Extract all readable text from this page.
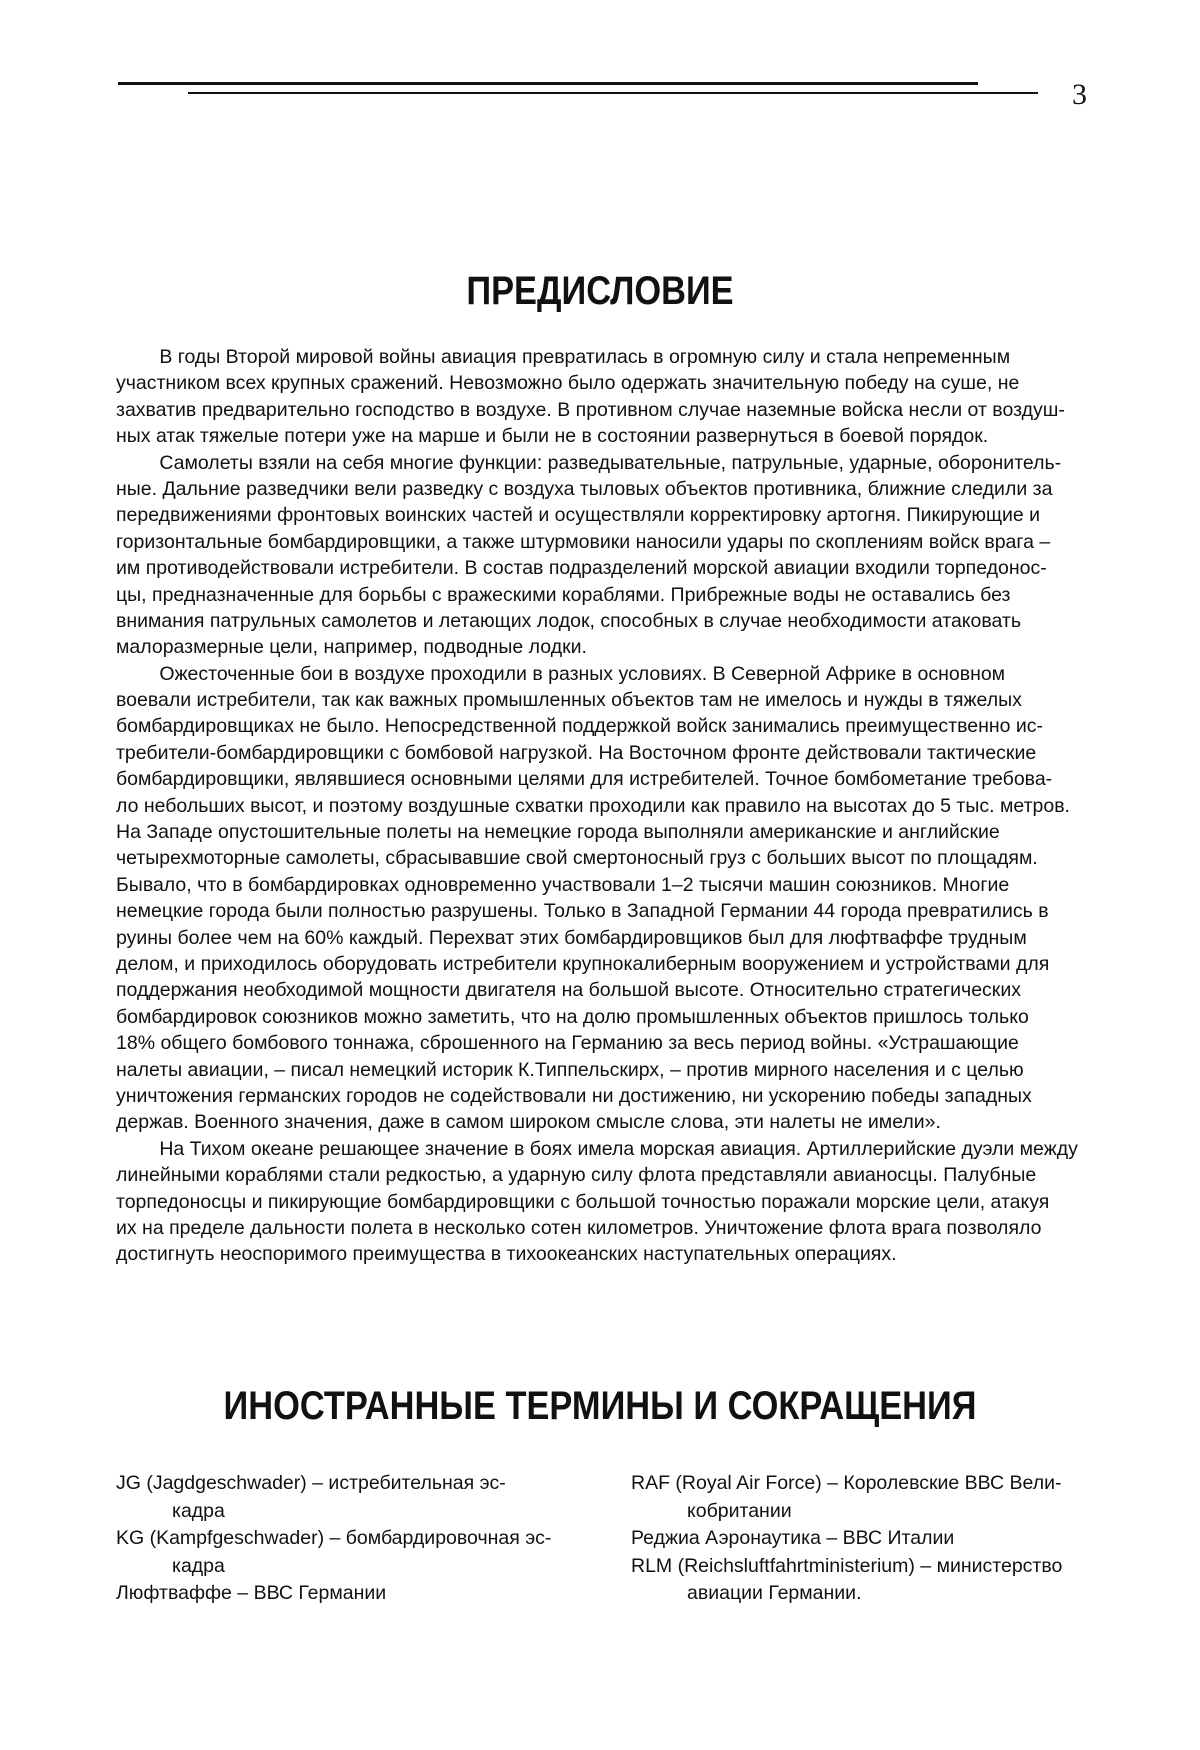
3
ПРЕДИСЛОВИЕ
В годы Второй мировой войны авиация превратилась в огромную силу и стала непременным
участником всех крупных сражений. Невозможно было одержать значительную победу на суше, не
захватив предварительно господство в воздухе. В противном случае наземные войска несли от воздуш-
ных атак тяжелые потери уже на марше и были не в состоянии развернуться в боевой порядок.
Самолеты взяли на себя многие функции: разведывательные, патрульные, ударные, оборонитель-
ные. Дальние разведчики вели разведку с воздуха тыловых объектов противника, ближние следили за
передвижениями фронтовых воинских частей и осуществляли корректировку артогня. Пикирующие и
горизонтальные бомбардировщики, а также штурмовики наносили удары по скоплениям войск врага –
им противодействовали истребители. В состав подразделений морской авиации входили торпедонос-
цы, предназначенные для борьбы с вражескими кораблями. Прибрежные воды не оставались без
внимания патрульных самолетов и летающих лодок, способных в случае необходимости атаковать
малоразмерные цели, например, подводные лодки.
Ожесточенные бои в воздухе проходили в разных условиях. В Северной Африке в основном
воевали истребители, так как важных промышленных объектов там не имелось и нужды в тяжелых
бомбардировщиках не было. Непосредственной поддержкой войск занимались преимущественно ис-
требители-бомбардировщики с бомбовой нагрузкой. На Восточном фронте действовали тактические
бомбардировщики, являвшиеся основными целями для истребителей. Точное бомбометание требова-
ло небольших высот, и поэтому воздушные схватки проходили как правило на высотах до 5 тыс. метров.
На Западе опустошительные полеты на немецкие города выполняли американские и английские
четырехмоторные самолеты, сбрасывавшие свой смертоносный груз с больших высот по площадям.
Бывало, что в бомбардировках одновременно участвовали 1–2 тысячи машин союзников. Многие
немецкие города были полностью разрушены. Только в Западной Германии 44 города превратились в
руины более чем на 60% каждый. Перехват этих бомбардировщиков был для люфтваффе трудным
делом, и приходилось оборудовать истребители крупнокалиберным вооружением и устройствами для
поддержания необходимой мощности двигателя на большой высоте. Относительно стратегических
бомбардировок союзников можно заметить, что на долю промышленных объектов пришлось только
18% общего бомбового тоннажа, сброшенного на Германию за весь период войны. «Устрашающие
налеты авиации, – писал немецкий историк К.Типпельскирх, – против мирного населения и с целью
уничтожения германских городов не содействовали ни достижению, ни ускорению победы западных
держав. Военного значения, даже в самом широком смысле слова, эти налеты не имели».
На Тихом океане решающее значение в боях имела морская авиация. Артиллерийские дуэли между
линейными кораблями стали редкостью, а ударную силу флота представляли авианосцы. Палубные
торпедоносцы и пикирующие бомбардировщики с большой точностью поражали морские цели, атакуя
их на пределе дальности полета в несколько сотен километров. Уничтожение флота врага позволяло
достигнуть неоспоримого преимущества в тихоокеанских наступательных операциях.
ИНОСТРАННЫЕ ТЕРМИНЫ И СОКРАЩЕНИЯ
JG (Jagdgeschwader) – истребительная эс-
кадра
KG (Kampfgeschwader) – бомбардировочная эс-
кадра
Люфтваффе – ВВС Германии
RAF (Royal Air Force) – Королевские ВВС Вели-
кобритании
Реджиа Аэронаутика – ВВС Италии
RLM (Reichsluftfahrtministerium) – министерство
авиации Германии.
